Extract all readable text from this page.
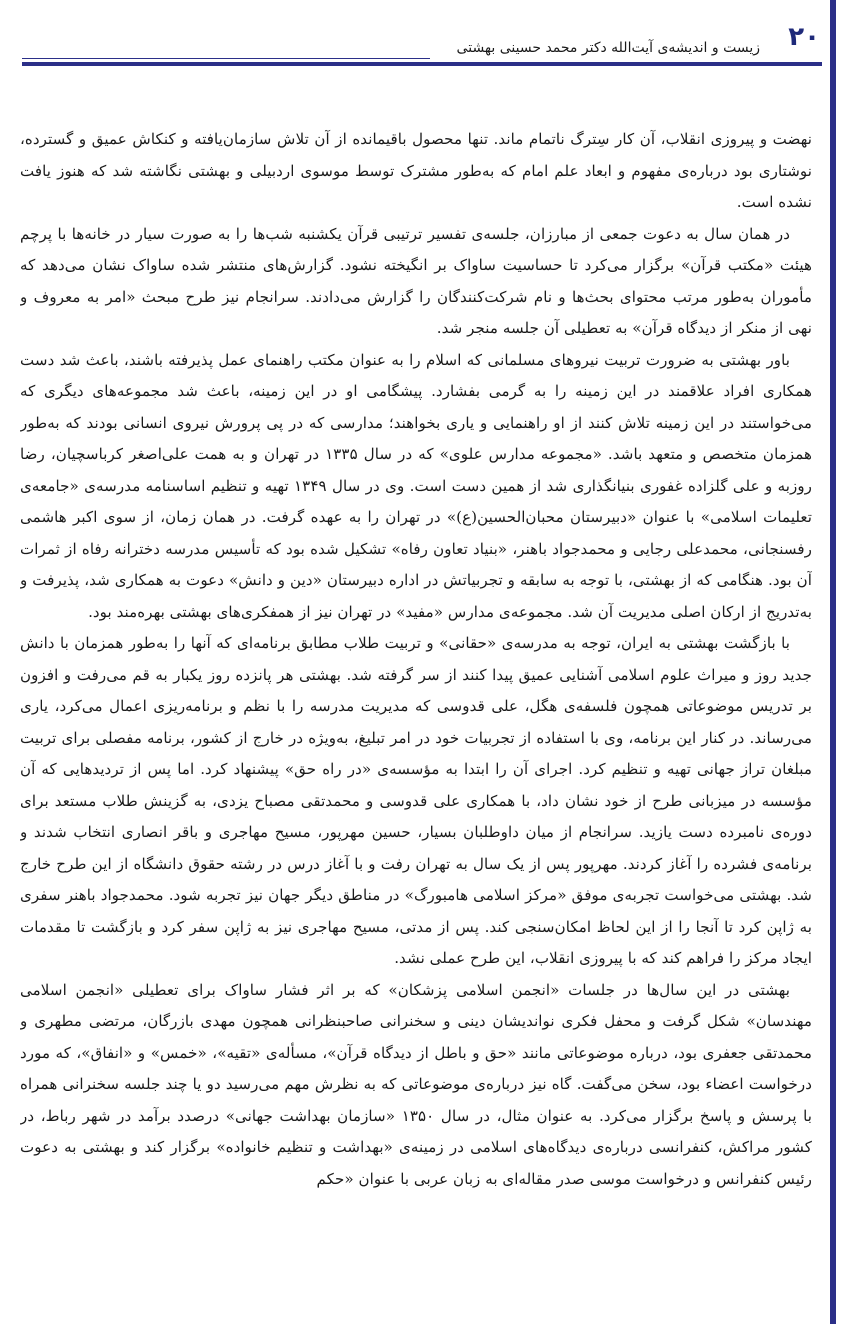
۲۰
زیست و اندیشه‌ی آیت‌الله دکتر محمد حسینی بهشتی

نهضت و پیروزی انقلاب، آن کار سِترگ ناتمام ماند. تنها محصول باقیمانده از آن تلاش سازمان‌یافته و کنکاش عمیق و گسترده، نوشتاری بود درباره‌ی مفهوم و ابعاد علم امام که به‌طور مشترک توسط موسوی اردبیلی و بهشتی نگاشته شد که هنوز یافت نشده است.

در همان سال به دعوت جمعی از مبارزان، جلسه‌ی تفسیر ترتیبی قرآن یکشنبه شب‌ها را به صورت سیار در خانه‌ها با پرچم هیئت «مکتب قرآن» برگزار می‌کرد تا حساسیت ساواک بر انگیخته نشود. گزارش‌های منتشر شده ساواک نشان می‌دهد که مأموران به‌طور مرتب محتوای بحث‌ها و نام شرکت‌کنندگان را گزارش می‌دادند. سرانجام نیز طرح مبحث «امر به معروف و نهی از منکر از دیدگاه قرآن» به تعطیلی آن جلسه منجر شد.

باور بهشتی به ضرورت تربیت نیروهای مسلمانی که اسلام را به عنوان مکتب راهنمای عمل پذیرفته باشند، باعث شد دست همکاری افراد علاقمند در این زمینه را به گرمی بفشارد. پیشگامی او در این زمینه، باعث شد مجموعه‌های دیگری که می‌خواستند در این زمینه تلاش کنند از او راهنمایی و یاری بخواهند؛ مدارسی که در پی پرورش نیروی انسانی بودند که به‌طور همزمان متخصص و متعهد باشد. «مجموعه مدارس علوی» که در سال ۱۳۳۵ در تهران و به همت علی‌اصغر کرباسچیان، رضا روزبه و علی گلزاده غفوری بنیانگذاری شد از همین دست است. وی در سال ۱۳۴۹ تهیه و تنظیم اساسنامه مدرسه‌ی «جامعه‌ی تعلیمات اسلامی» با عنوان «دبیرستان محبان‌الحسین(ع)» در تهران را به عهده گرفت. در همان زمان، از سوی اکبر هاشمی رفسنجانی، محمدعلی رجایی و محمدجواد باهنر، «بنیاد تعاون رفاه» تشکیل شده بود که تأسیس مدرسه دخترانه رفاه از ثمرات آن بود. هنگامی که از بهشتی، با توجه به سابقه و تجربیاتش در اداره دبیرستان «دین و دانش» دعوت به همکاری شد، پذیرفت و به‌تدریج از ارکان اصلی مدیریت آن شد. مجموعه‌ی مدارس «مفید» در تهران نیز از همفکری‌های بهشتی بهره‌مند بود.

با بازگشت بهشتی به ایران، توجه به مدرسه‌ی «حقانی» و تربیت طلاب مطابق برنامه‌ای که آنها را به‌طور همزمان با دانش جدید روز و میراث علوم اسلامی آشنایی عمیق پیدا کنند از سر گرفته شد. بهشتی هر پانزده روز یکبار به قم می‌رفت و افزون بر تدریس موضوعاتی همچون فلسفه‌ی هگل، علی قدوسی که مدیریت مدرسه را با نظم و برنامه‌ریزی اعمال می‌کرد، یاری می‌رساند. در کنار این برنامه، وی با استفاده از تجربیات خود در امر تبلیغ، به‌ویژه در خارج از کشور، برنامه مفصلی برای تربیت مبلغان تراز جهانی تهیه و تنظیم کرد. اجرای آن را ابتدا به مؤسسه‌ی «در راه حق» پیشنهاد کرد. اما پس از تردیدهایی که آن مؤسسه در میزبانی طرح از خود نشان داد، با همکاری علی قدوسی و محمدتقی مصباح یزدی، به گزینش طلاب مستعد برای دوره‌ی نامبرده دست یازید. سرانجام از میان داوطلبان بسیار، حسین مهرپور، مسیح مهاجری و باقر انصاری انتخاب شدند و برنامه‌ی فشرده را آغاز کردند. مهرپور پس از یک سال به تهران رفت و با آغاز درس در رشته حقوق دانشگاه از این طرح خارج شد. بهشتی می‌خواست تجربه‌ی موفق «مرکز اسلامی هامبورگ» در مناطق دیگر جهان نیز تجربه شود. محمدجواد باهنر سفری به ژاپن کرد تا آنجا را از این لحاظ امکان‌سنجی کند. پس از مدتی، مسیح مهاجری نیز به ژاپن سفر کرد و بازگشت تا مقدمات ایجاد مرکز را فراهم کند که با پیروزی انقلاب، این طرح عملی نشد.

بهشتی در این سال‌ها در جلسات «انجمن اسلامی پزشکان» که بر اثر فشار ساواک برای تعطیلی «انجمن اسلامی مهندسان» شکل گرفت و محفل فکری نواندیشان دینی و سخنرانی صاحبنظرانی همچون مهدی بازرگان، مرتضی مطهری و محمدتقی جعفری بود، درباره موضوعاتی مانند «حق و باطل از دیدگاه قرآن»، مسأله‌ی «تقیه»، «خمس» و «انفاق»، که مورد درخواست اعضاء بود، سخن می‌گفت. گاه نیز درباره‌ی موضوعاتی که به نظرش مهم می‌رسید دو یا چند جلسه سخنرانی همراه با پرسش و پاسخ برگزار می‌کرد. به عنوان مثال، در سال ۱۳۵۰ «سازمان بهداشت جهانی» درصدد برآمد در شهر رباط، در کشور مراکش، کنفرانسی درباره‌ی دیدگاه‌های اسلامی در زمینه‌ی «بهداشت و تنظیم خانواده» برگزار کند و بهشتی به دعوت رئیس کنفرانس و درخواست موسی صدر مقاله‌ای به زبان عربی با عنوان «حکم
